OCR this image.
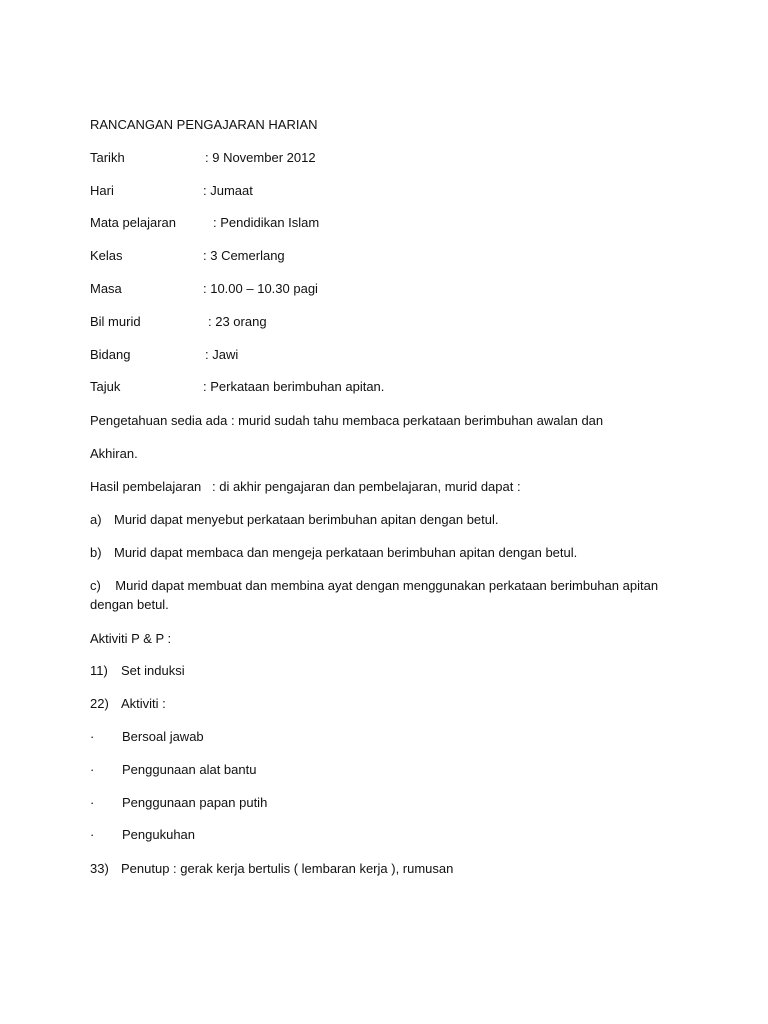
RANCANGAN PENGAJARAN HARIAN
Tarikh	: 9 November 2012
Hari	: Jumaat
Mata pelajaran	: Pendidikan Islam
Kelas	: 3 Cemerlang
Masa	: 10.00 – 10.30 pagi
Bil murid	: 23 orang
Bidang	: Jawi
Tajuk	: Perkataan berimbuhan apitan.
Pengetahuan sedia ada : murid sudah tahu membaca perkataan berimbuhan awalan dan
Akhiran.
Hasil pembelajaran : di akhir pengajaran dan pembelajaran, murid dapat :
a) Murid dapat menyebut perkataan berimbuhan apitan dengan betul.
b) Murid dapat membaca dan mengeja perkataan berimbuhan apitan dengan betul.
c) Murid dapat membuat dan membina ayat dengan menggunakan perkataan berimbuhan apitan dengan betul.
Aktiviti P & P :
11) Set induksi
22) Aktiviti :
· Bersoal jawab
· Penggunaan alat bantu
· Penggunaan papan putih
· Pengukuhan
33) Penutup : gerak kerja bertulis ( lembaran kerja ), rumusan
